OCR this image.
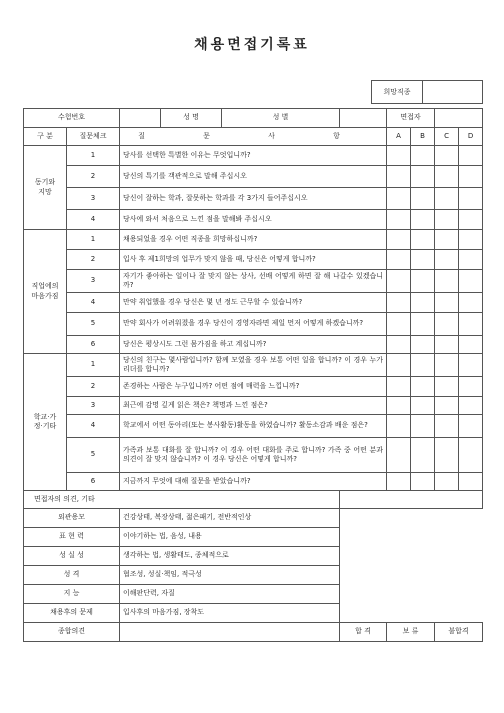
채용면접기록표
희망직종
수험번호		성 명 성 별		면접자			
구 분	질문체크	질 문 사 항		A	B	C	D
동기와
지망	1	당사를 선택한 특별한 이유는 무엇입니까?					
	2	당신의 특기를 객관적으로 말해 주십시오					
	3	당신이 잘하는 학과, 잘못하는 학과를 각 3가지 들어주십시오					
	4	당사에 와서 처음으로 느낀 점을 말해봐 주십시오					
직업에의
마음가짐	1	채용되었을 경우 어떤 직종을 희망하십니까?					
	2	입사 후 제1희망의 업무가 맞지 않을 때, 당신은 어떻게 합니까?					
	3	자기가 좋아하는 일이나 잘 맞지 않는 상사, 선배 어떻게 하면 잘 해 나갈수 있겠습니까?					
	4	만약 취업했을 경우 당신은 몇 년 정도 근무할 수 있습니까?					
	5	만약 회사가 어려워졌을 경우 당신이 경영자라면 제일 먼저 어떻게 하겠습니까?					
	6	당신은 평상시도 그런 몸가짐을 하고 계십니까?					
학교·가
정·기타	1	당신의 친구는 몇사람입니까? 함께 모였을 경우 보통 어떤 일을 합니까? 이 경우 누가 리더를 합니까?					
	2	존경하는 사람은 누구입니까? 어떤 점에 매력을 느낍니까?					
	3	최근에 감명 깊게 읽은 책은? 책명과 느낀 점은?					
	4	학교에서 어떤 동아리(또는 봉사활동)활동을 하였습니까? 활동소감과 배운 점은?					
	5	가족과 보통 대화를 잘 합니까? 이 경우 어떤 대화를 주로 합니까? 가족 중 어떤 분과 의견이 잘 맞지 않습니까? 이 경우 당신은 어떻게 합니까?					
	6	지금까지 무엇에 대해 질문을 받았습니까?					
면접자의 의견, 기타							
외관용모		건강상태, 복장상태, 젊은패기, 전반적인상					
표 현 력		이야기하는 법, 음성, 내용					
성 실 성		생각하는 법, 생활태도, 종체적으로					
성 격		협조성, 성실·책임, 적극성					
지 능		이해판단력, 자질					
채용후의 문제		입사후의 마음가짐, 장착도					
종합의견			합 격	보 류		불합격	
